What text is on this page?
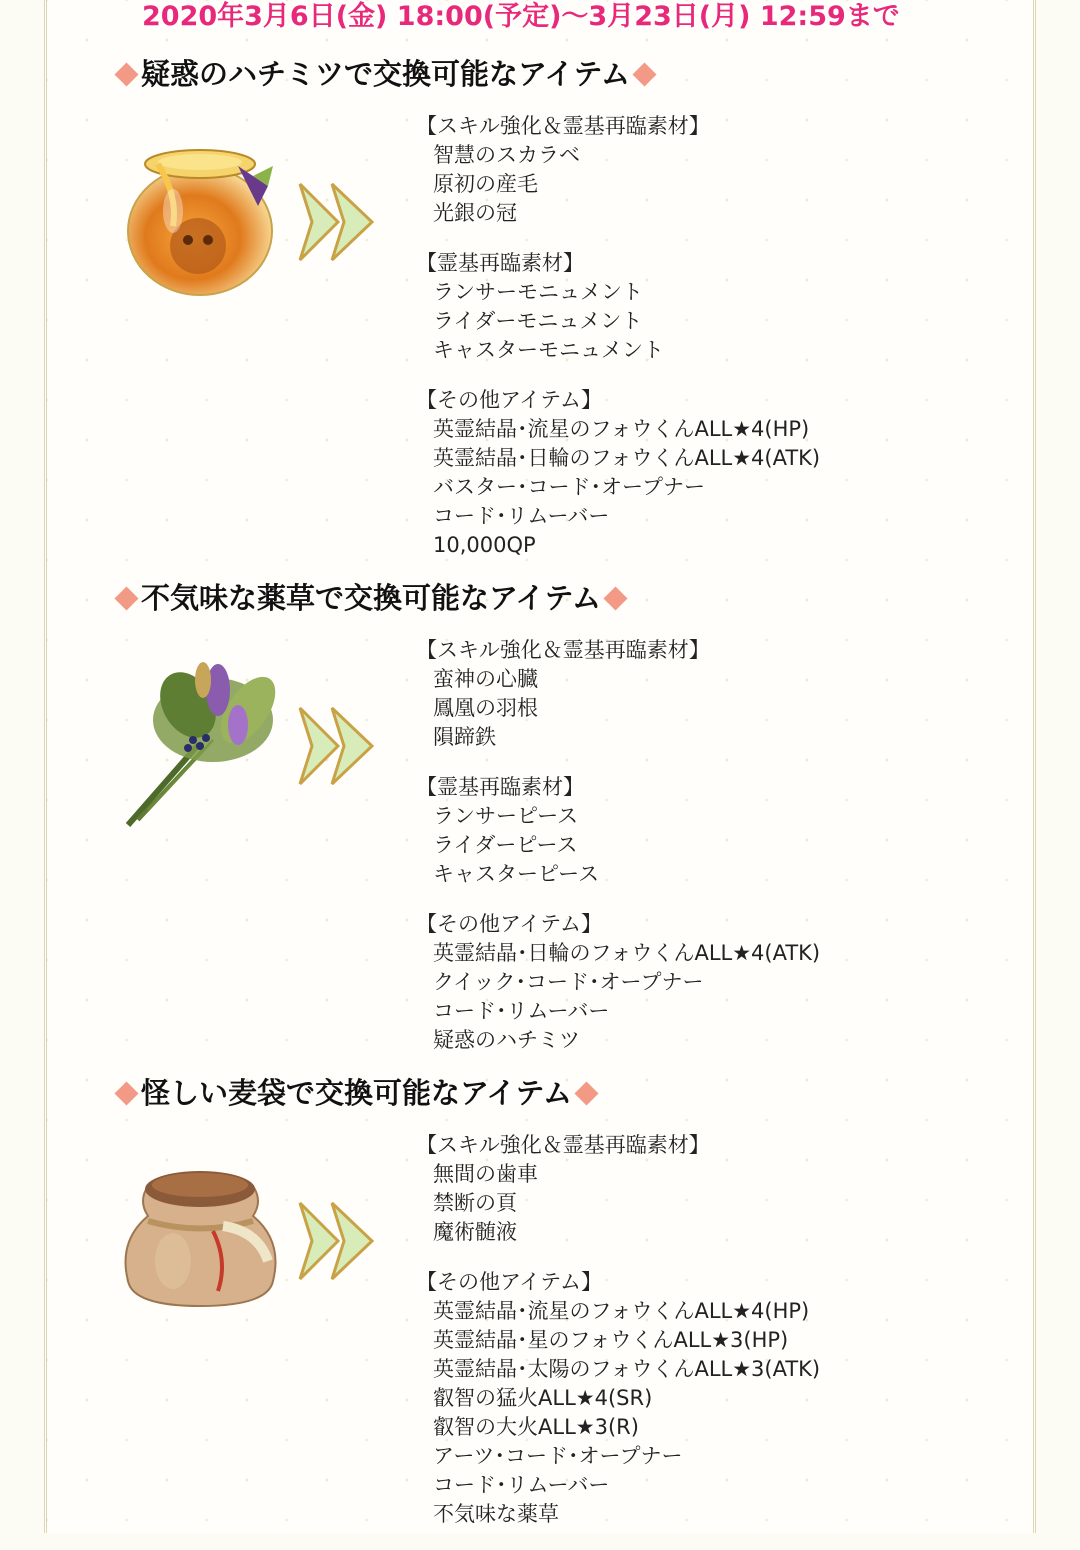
2020年3月6日(金) 18:00(予定)〜3月23日(月) 12:59まで
疑惑のハチミツで交換可能なアイテム
【スキル強化＆霊基再臨素材】
智慧のスカラベ
原初の産毛
光銀の冠
【霊基再臨素材】
ランサーモニュメント
ライダーモニュメント
キャスターモニュメント
【その他アイテム】
英霊結晶･流星のフォウくんALL★4(HP)
英霊結晶･日輪のフォウくんALL★4(ATK)
バスター･コード･オープナー
コード･リムーバー
10,000QP
不気味な薬草で交換可能なアイテム
【スキル強化＆霊基再臨素材】
蛮神の心臓
鳳凰の羽根
隕蹄鉄
【霊基再臨素材】
ランサーピース
ライダーピース
キャスターピース
【その他アイテム】
英霊結晶･日輪のフォウくんALL★4(ATK)
クイック･コード･オープナー
コード･リムーバー
疑惑のハチミツ
怪しい麦袋で交換可能なアイテム
【スキル強化＆霊基再臨素材】
無間の歯車
禁断の頁
魔術髄液
【その他アイテム】
英霊結晶･流星のフォウくんALL★4(HP)
英霊結晶･星のフォウくんALL★3(HP)
英霊結晶･太陽のフォウくんALL★3(ATK)
叡智の猛火ALL★4(SR)
叡智の大火ALL★3(R)
アーツ･コード･オープナー
コード･リムーバー
不気味な薬草
